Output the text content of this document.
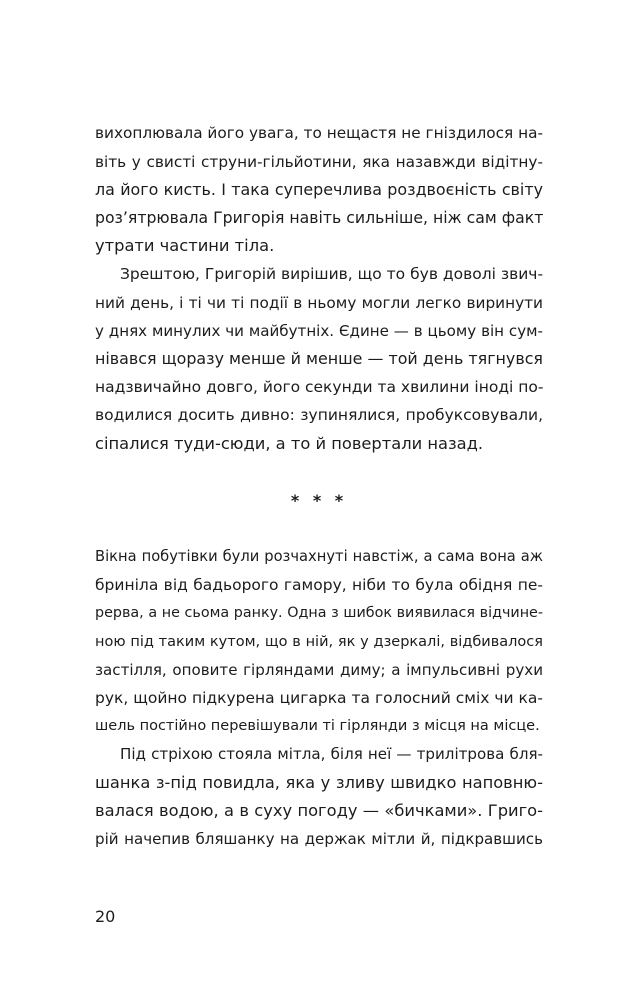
вихоплювала його увага, то нещастя не гніздилося на-

віть у свисті струни-гільйотини, яка назавжди відітну-

ла його кисть. І така суперечлива роздвоєність світу

роз’ятрювала Григорія навіть сильніше, ніж сам факт

утрати частини тіла.

Зрештою, Григорій вирішив, що то був доволі звич-

ний день, і ті чи ті події в ньому могли легко виринути

у днях минулих чи майбутніх. Єдине — в цьому він сум-

нівався щоразу менше й менше — той день тягнувся

надзвичайно довго, його секунди та хвилини іноді по-

водилися досить дивно: зупинялися, пробуксовували,

сіпалися туди-сюди, а то й повертали назад.

* * *

Вікна побутівки були розчахнуті навстіж, а сама вона аж

бриніла від бадьорого гамору, ніби то була обідня пе-

рерва, а не сьома ранку. Одна з шибок виявилася відчине-

ною під таким кутом, що в ній, як у дзеркалі, відбивалося

застілля, оповите гірляндами диму; а імпульсивні рухи

рук, щойно підкурена цигарка та голосний сміх чи ка-

шель постійно перевішували ті гірлянди з місця на місце.

Під стріхою стояла мітла, біля неї — трилітрова бля-

шанка з-під повидла, яка у зливу швидко наповню-

валася водою, а в суху погоду — «бичками». Григо-

рій начепив бляшанку на держак мітли й, підкравшись

20
